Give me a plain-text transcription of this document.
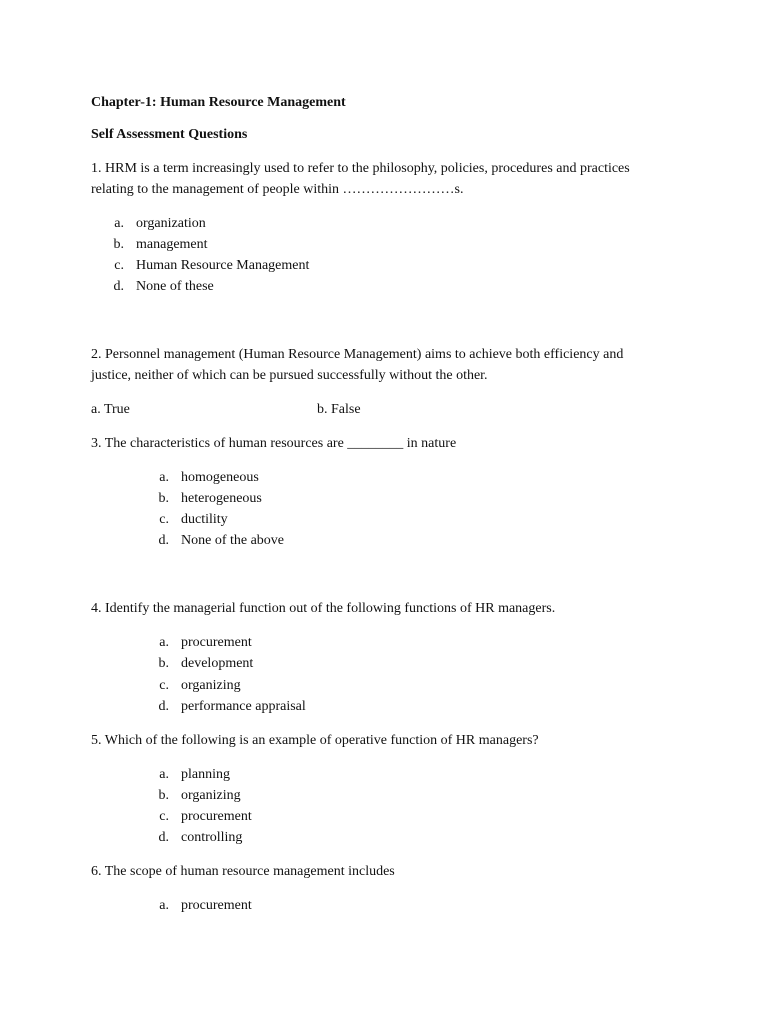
Chapter-1: Human Resource Management
Self Assessment Questions
1. HRM is a term increasingly used to refer to the philosophy, policies, procedures and practices
relating to the management of people within ……………………s.
a. organization
b. management
c. Human Resource Management
d. None of these
2. Personnel management (Human Resource Management) aims to achieve both efficiency and
justice, neither of which can be pursued successfully without the other.
a. True	b. False
3. The characteristics of human resources are ________ in nature
a. homogeneous
b. heterogeneous
c. ductility
d. None of the above
4. Identify the managerial function out of the following functions of HR managers.
a. procurement
b. development
c. organizing
d. performance appraisal
5. Which of the following is an example of operative function of HR managers?
a. planning
b. organizing
c. procurement
d. controlling
6. The scope of human resource management includes
a. procurement
